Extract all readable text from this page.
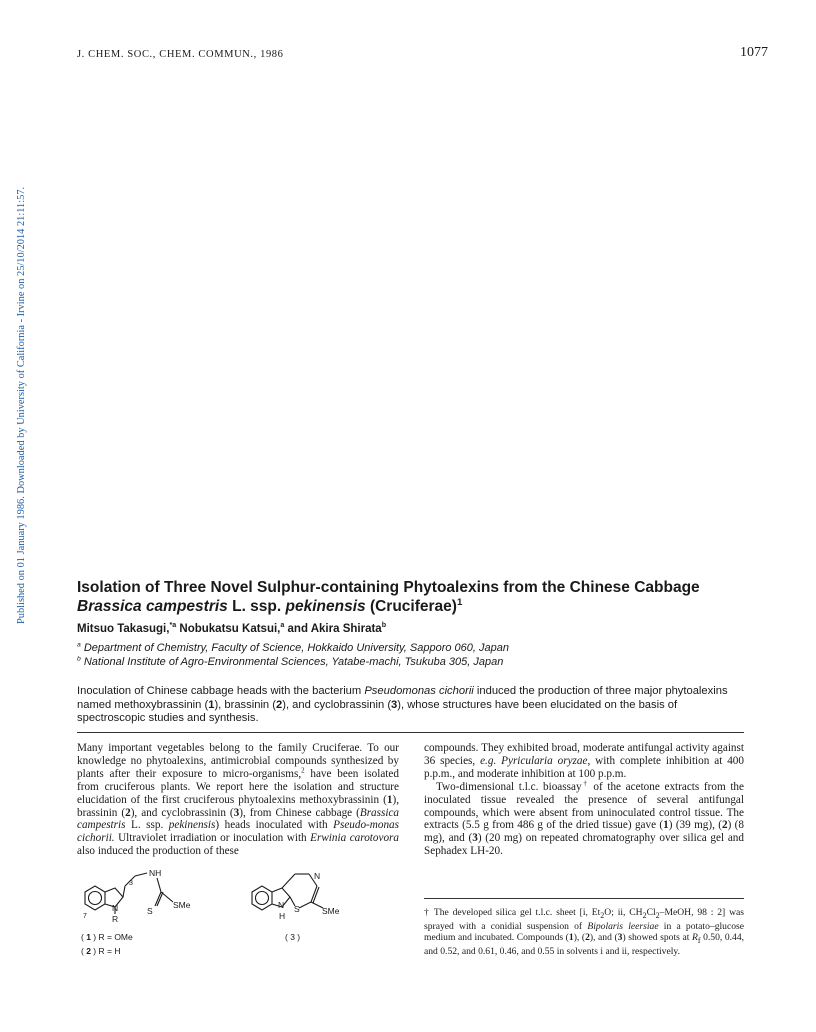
J. CHEM. SOC., CHEM. COMMUN., 1986	1077
Published on 01 January 1986. Downloaded by University of California - Irvine on 25/10/2014 21:11:57.	Isolation of Three Novel Sulphur-containing Phytoalexins from the Chinese Cabbage
Brassica campestris L. ssp. pekinensis (Cruciferae)$^1$
Mitsuo Takasugi,$^{*a}$ Nobukatsu Katsui,$^a$ and Akira Shirata$^b$
$^a$ Department of Chemistry, Faculty of Science, Hokkaido University, Sapporo 060, Japan
$^b$ National Institute of Agro-Environmental Sciences, Yatabe-machi, Tsukuba 305, Japan

Inoculation of Chinese cabbage heads with the bacterium Pseudomonas cichorii induced the production of three major phytoalexins named methoxybrassinin (1), brassinin (2), and cyclobrassinin (3), whose structures have been elucidated on the basis of spectroscopic studies and synthesis.

Many important vegetables belong to the family Cruciferae. To our knowledge no phytoalexins, antimicrobial compounds synthesized by plants after their exposure to micro-organisms,$^2$ have been isolated from cruciferous plants. We report here the isolation and structure elucidation of the first cruciferous phytoalexins methoxybrassinin (1), brassinin (2), and cyclobrassinin (3), from Chinese cabbage (Brassica campestris L. ssp. pekinensis) heads inoculated with Pseudo-monas cichorii. Ultraviolet irradiation or inoculation with Erwinia carotovora also induced the production of these

compounds. They exhibited broad, moderate antifungal activity against 36 species, e.g. Pyricularia oryzae, with complete inhibition at 400 p.p.m., and moderate inhibition at 100 p.p.m.

Two-dimensional t.l.c. bioassay† of the acetone extracts from the inoculated tissue revealed the presence of several antifungal compounds, which were absent from uninoculated control tissue. The extracts (5.5 g from 486 g of the dried tissue) gave (1) (39 mg), (2) (8 mg), and (3) (20 mg) on repeated chromatography over silica gel and Sephadex LH-20.

NH
3
7
N
R
S
SMe
N
N
H
S	SMe
( 1 ) R = OMe
( 2 ) R = H
( 3 )

† The developed silica gel t.l.c. sheet [i, $Et_2O$; ii, $CH_2Cl_2$–MeOH, 98 : 2] was sprayed with a conidial suspension of Bipolaris leersiae in a potato–glucose medium and incubated. Compounds (1), (2), and (3) showed spots at $R_f$ 0.50, 0.44, and 0.52, and 0.61, 0.46, and 0.55 in solvents i and ii, respectively.
